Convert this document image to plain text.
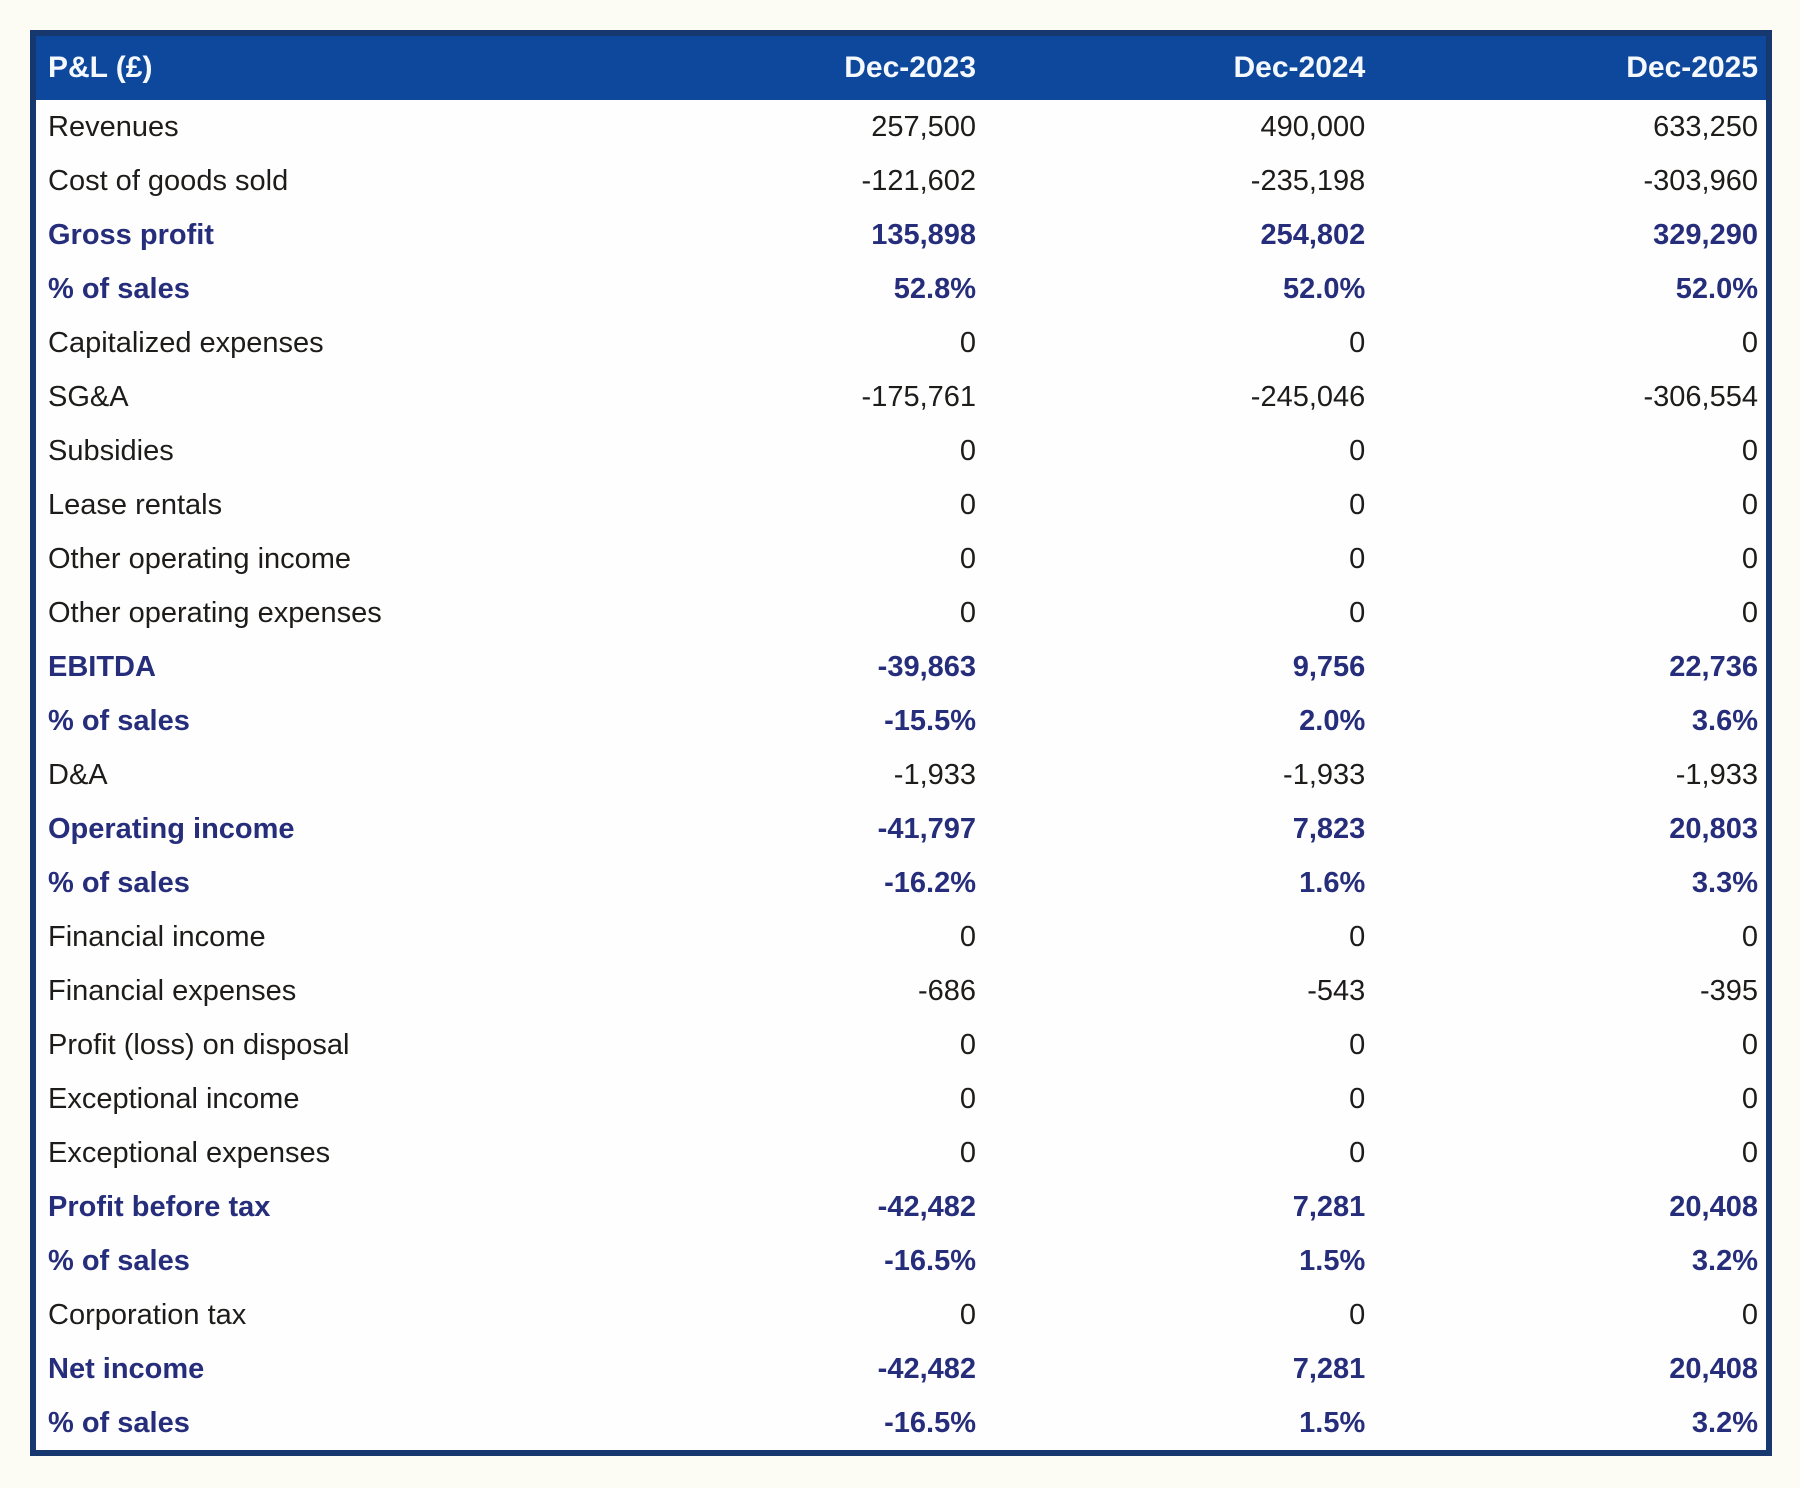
P&L (£)	Dec-2023	Dec-2024	Dec-2025
Revenues	257,500	490,000	633,250
Cost of goods sold	-121,602	-235,198	-303,960
Gross profit	135,898	254,802	329,290
% of sales	52.8%	52.0%	52.0%
Capitalized expenses	0	0	0
SG&A	-175,761	-245,046	-306,554
Subsidies	0	0	0
Lease rentals	0	0	0
Other operating income	0	0	0
Other operating expenses	0	0	0
EBITDA	-39,863	9,756	22,736
% of sales	-15.5%	2.0%	3.6%
D&A	-1,933	-1,933	-1,933
Operating income	-41,797	7,823	20,803
% of sales	-16.2%	1.6%	3.3%
Financial income	0	0	0
Financial expenses	-686	-543	-395
Profit (loss) on disposal	0	0	0
Exceptional income	0	0	0
Exceptional expenses	0	0	0
Profit before tax	-42,482	7,281	20,408
% of sales	-16.5%	1.5%	3.2%
Corporation tax	0	0	0
Net income	-42,482	7,281	20,408
% of sales	-16.5%	1.5%	3.2%
